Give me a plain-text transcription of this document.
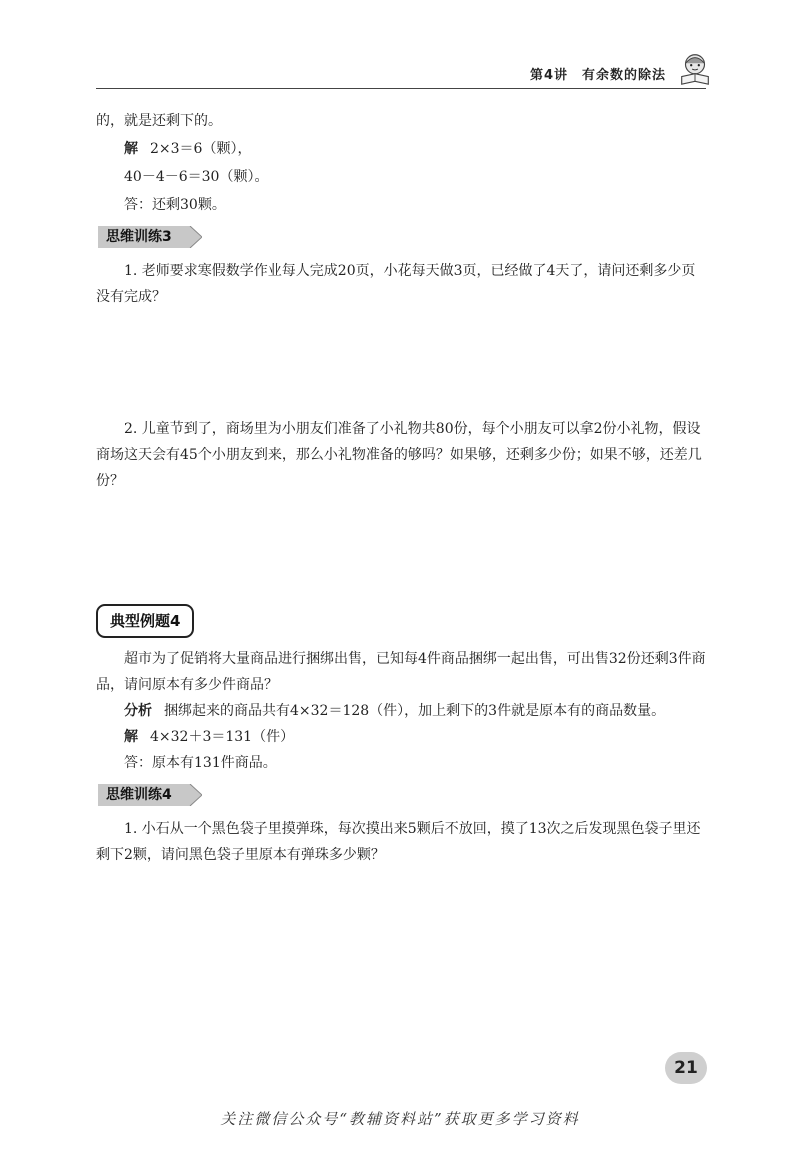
第4讲　有余数的除法

的，就是还剩下的。

解 2×3＝6（颗），

40－4－6＝30（颗）。

答：还剩30颗。

思维训练3

1. 老师要求寒假数学作业每人完成20页，小花每天做3页，已经做了4天了，请问还剩多少页没有完成？

2. 儿童节到了，商场里为小朋友们准备了小礼物共80份，每个小朋友可以拿2份小礼物，假设商场这天会有45个小朋友到来，那么小礼物准备的够吗？如果够，还剩多少份；如果不够，还差几份？

典型例题4

超市为了促销将大量商品进行捆绑出售，已知每4件商品捆绑一起出售，可出售32份还剩3件商品，请问原本有多少件商品？

分析 捆绑起来的商品共有4×32＝128（件），加上剩下的3件就是原本有的商品数量。

解 4×32＋3＝131（件）

答：原本有131件商品。

思维训练4

1. 小石从一个黑色袋子里摸弹珠，每次摸出来5颗后不放回，摸了13次之后发现黑色袋子里还剩下2颗，请问黑色袋子里原本有弹珠多少颗？

21
关注微信公众号“教辅资料站”获取更多学习资料
